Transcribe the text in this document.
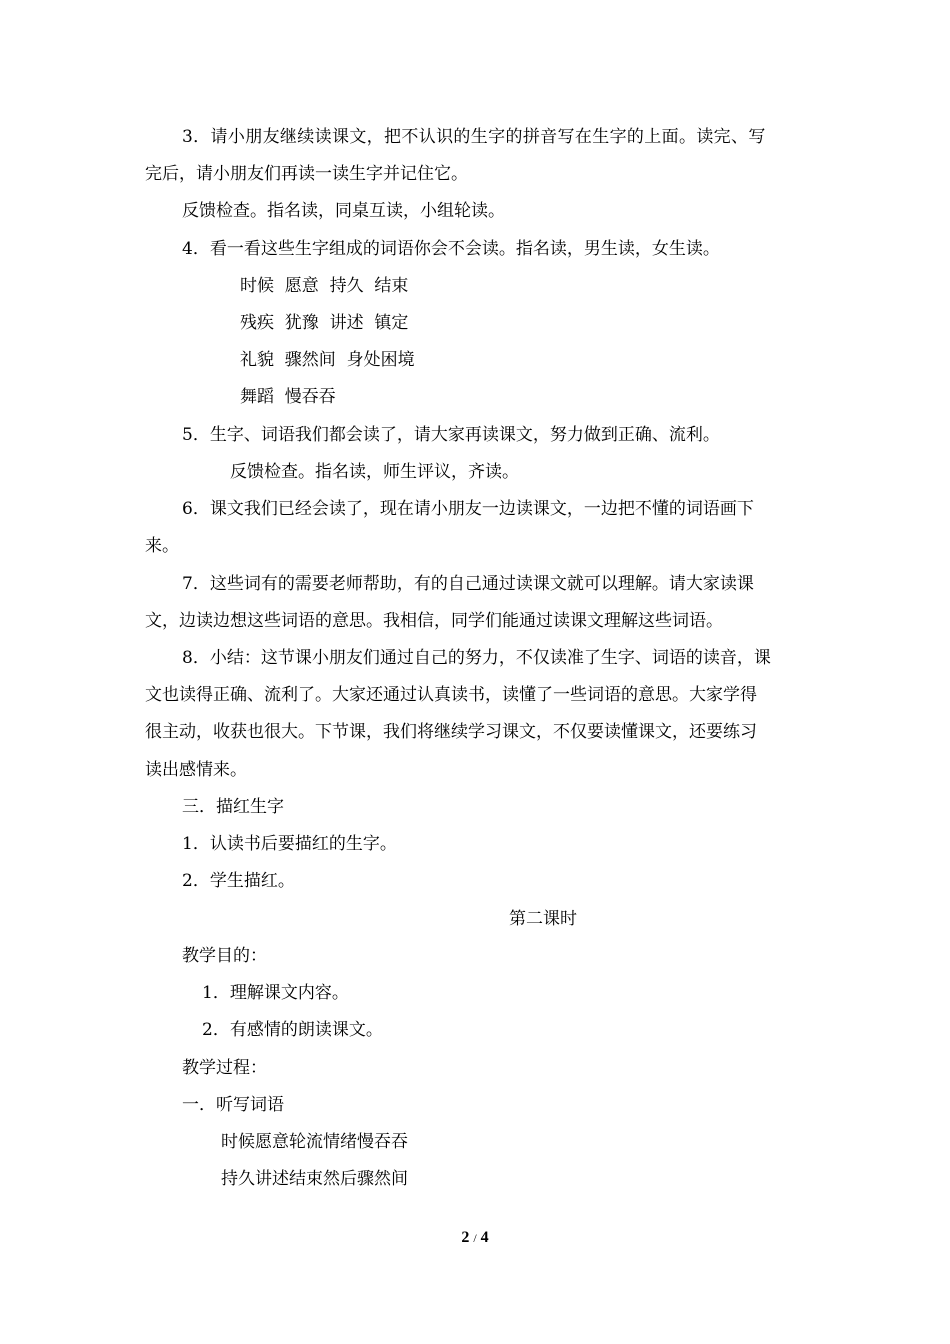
3．请小朋友继续读课文，把不认识的生字的拼音写在生字的上面。读完、写
完后，请小朋友们再读一读生字并记住它。
反馈检查。指名读，同桌互读，小组轮读。
4．看一看这些生字组成的词语你会不会读。指名读，男生读，女生读。
时候  愿意  持久  结束
残疾  犹豫  讲述  镇定
礼貌  骤然间  身处困境
舞蹈  慢吞吞
5．生字、词语我们都会读了，请大家再读课文，努力做到正确、流利。
反馈检查。指名读，师生评议，齐读。
6．课文我们已经会读了，现在请小朋友一边读课文，一边把不懂的词语画下
来。
7．这些词有的需要老师帮助，有的自己通过读课文就可以理解。请大家读课
文，边读边想这些词语的意思。我相信，同学们能通过读课文理解这些词语。
8．小结：这节课小朋友们通过自己的努力，不仅读准了生字、词语的读音，课
文也读得正确、流利了。大家还通过认真读书，读懂了一些词语的意思。大家学得
很主动，收获也很大。下节课，我们将继续学习课文，不仅要读懂课文，还要练习
读出感情来。
三．描红生字
1．认读书后要描红的生字。
2．学生描红。
第二课时
教学目的：
1．理解课文内容。
2．有感情的朗读课文。
教学过程：
一．听写词语
时候愿意轮流情绪慢吞吞
持久讲述结束然后骤然间
2 / 4
